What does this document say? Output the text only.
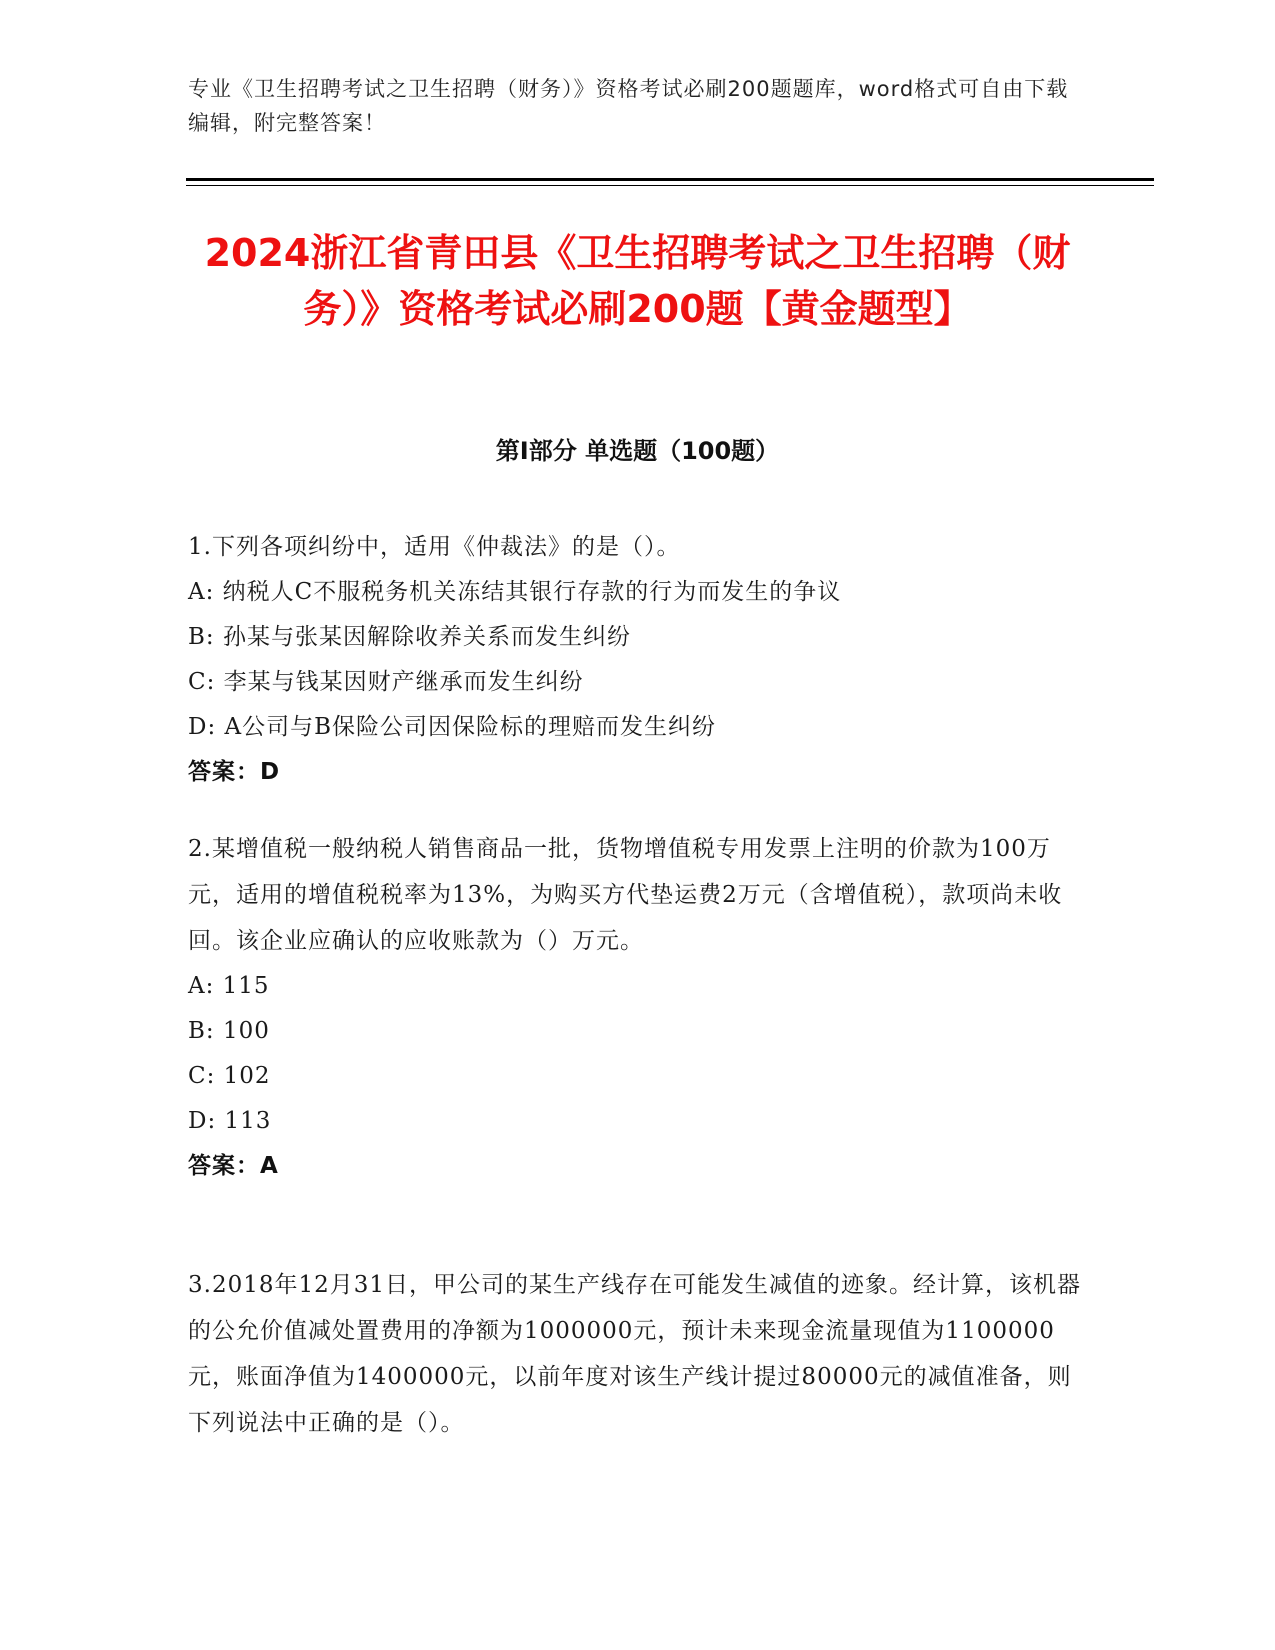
专业《卫生招聘考试之卫生招聘（财务）》资格考试必刷200题题库，word格式可自由下载编辑，附完整答案！
2024浙江省青田县《卫生招聘考试之卫生招聘（财务）》资格考试必刷200题【黄金题型】
第I部分 单选题（100题）

1.下列各项纠纷中，适用《仲裁法》的是（）。

A: 纳税人C不服税务机关冻结其银行存款的行为而发生的争议

B: 孙某与张某因解除收养关系而发生纠纷

C: 李某与钱某因财产继承而发生纠纷

D: A公司与B保险公司因保险标的理赔而发生纠纷

答案：D

2.某增值税一般纳税人销售商品一批，货物增值税专用发票上注明的价款为100万元，适用的增值税税率为13%，为购买方代垫运费2万元（含增值税），款项尚未收回。该企业应确认的应收账款为（）万元。

A: 115

B: 100

C: 102

D: 113

答案：A

3.2018年12月31日，甲公司的某生产线存在可能发生减值的迹象。经计算，该机器的公允价值减处置费用的净额为1000000元，预计未来现金流量现值为1100000元，账面净值为1400000元，以前年度对该生产线计提过80000元的减值准备，则下列说法中正确的是（）。
